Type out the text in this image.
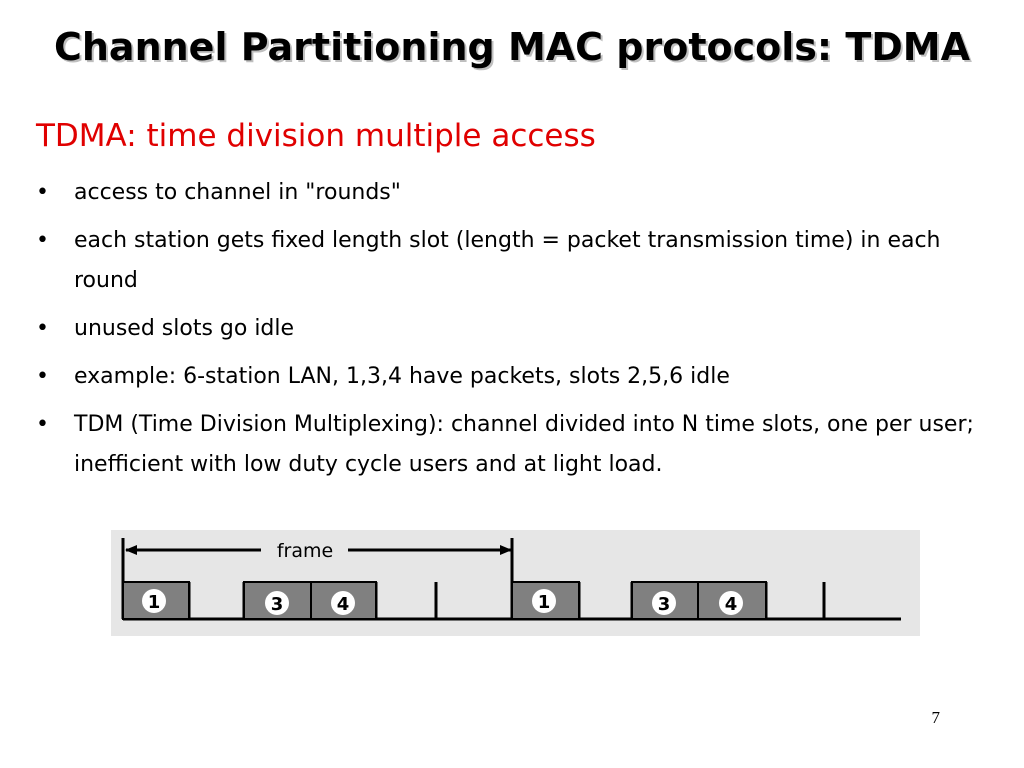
Channel Partitioning MAC protocols: TDMA
TDMA: time division multiple access
•	access to channel in "rounds"
•	each station gets fixed length slot (length = packet transmission time) in each round
•	unused slots go idle
•	example: 6-station LAN, 1,3,4 have packets, slots 2,5,6 idle
•	TDM (Time Division Multiplexing): channel divided into N time slots, one per user; inefficient with low duty cycle users and at light load.
frame
1	3	4	1	3	4
7
